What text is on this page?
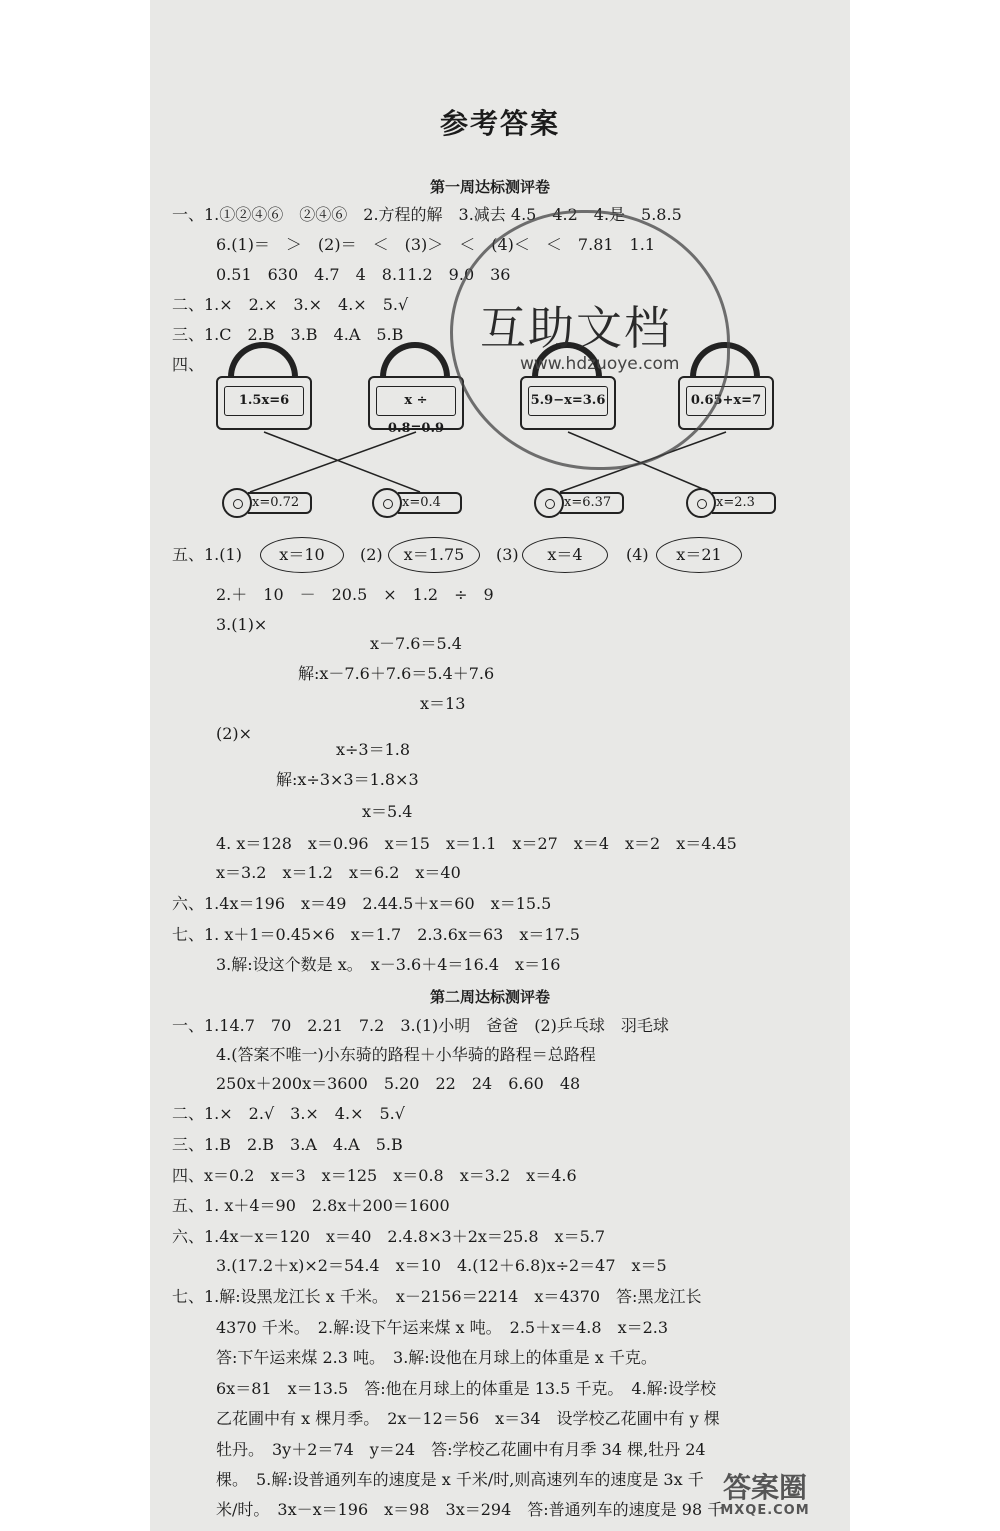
参考答案
第一周达标测评卷
一、1.①②④⑥　②④⑥　2.方程的解　3.减去 4.5　4.2　4.是　5.8.5
6.(1)＝　＞　(2)＝　＜　(3)＞　＜　(4)＜　＜　7.81　1.1
0.51　630　4.7　4　8.11.2　9.0　36
二、1.×　2.×　3.×　4.×　5.√
三、1.C　2.B　3.B　4.A　5.B
四、
1.5x=6	x ÷ 0.8=0.9
5.9−x=3.6	0.65+x=7
x=0.72	x=0.4	x=6.37	x=2.3
五、1.(1)	x＝10	(2)	x＝1.75	(3)	x＝4	(4)	x＝21
2.＋　10　－　20.5　×　1.2　÷　9
3.(1)×
x－7.6＝5.4
解:x－7.6＋7.6＝5.4＋7.6
x＝13
(2)×
x÷3＝1.8
解:x÷3×3＝1.8×3
x＝5.4
4. x＝128　x＝0.96　x＝15　x＝1.1　x＝27　x＝4　x＝2　x＝4.45
x＝3.2　x＝1.2　x＝6.2　x＝40
六、1.4x＝196　x＝49　2.44.5＋x＝60　x＝15.5
七、1. x＋1＝0.45×6　x＝1.7　2.3.6x＝63　x＝17.5
3.解:设这个数是 x。　x－3.6＋4＝16.4　x＝16
第二周达标测评卷
一、1.14.7　70　2.21　7.2　3.(1)小明　爸爸　(2)乒乓球　羽毛球
4.(答案不唯一)小东骑的路程＋小华骑的路程＝总路程
250x＋200x＝3600　5.20　22　24　6.60　48
二、1.×　2.√　3.×　4.×　5.√
三、1.B　2.B　3.A　4.A　5.B
四、x＝0.2　x＝3　x＝125　x＝0.8　x＝3.2　x＝4.6
五、1. x＋4＝90　2.8x＋200＝1600
六、1.4x－x＝120　x＝40　2.4.8×3＋2x＝25.8　x＝5.7
3.(17.2＋x)×2＝54.4　x＝10　4.(12＋6.8)x÷2＝47　x＝5
七、1.解:设黑龙江长 x 千米。　x－2156＝2214　x＝4370　答:黑龙江长
4370 千米。　2.解:设下午运来煤 x 吨。　2.5＋x＝4.8　x＝2.3
答:下午运来煤 2.3 吨。　3.解:设他在月球上的体重是 x 千克。
6x＝81　x＝13.5　答:他在月球上的体重是 13.5 千克。　4.解:设学校
乙花圃中有 x 棵月季。　2x－12＝56　x＝34　设学校乙花圃中有 y 棵
牡丹。　3y＋2＝74　y＝24　答:学校乙花圃中有月季 34 棵,牡丹 24
棵。　5.解:设普通列车的速度是 x 千米/时,则高速列车的速度是 3x 千
米/时。　3x－x＝196　x＝98　3x＝294　答:普通列车的速度是 98 千
互助文档
www.hdzuoye.com
答案圈
MXQE.COM
